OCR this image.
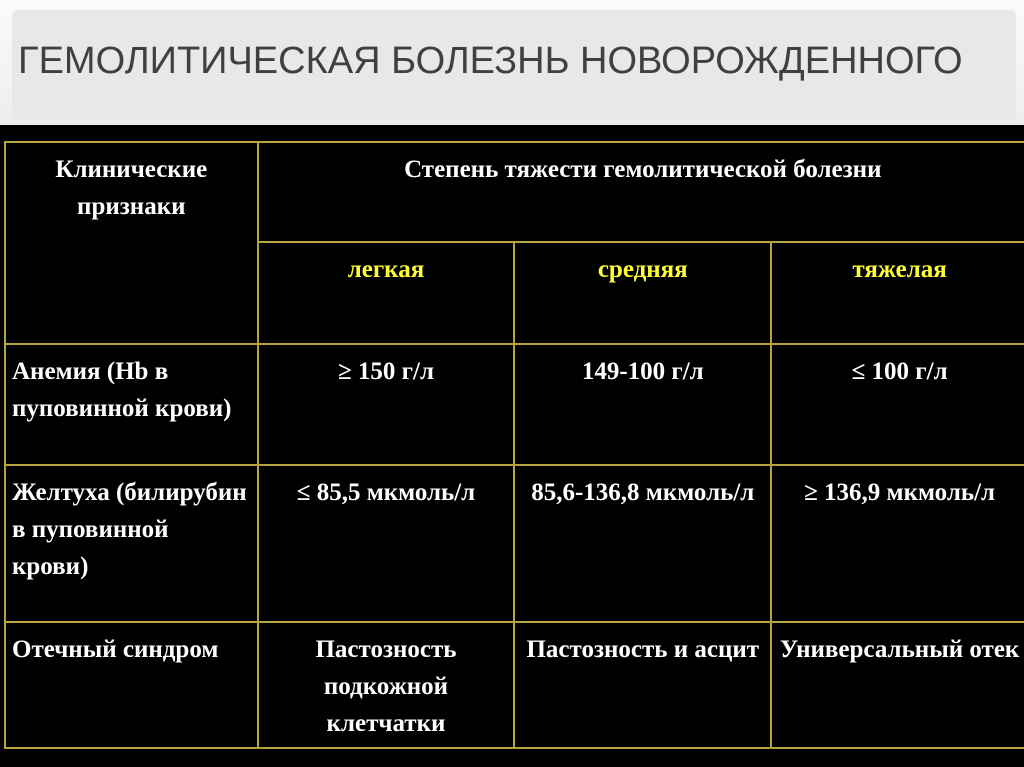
ГЕМОЛИТИЧЕСКАЯ БОЛЕЗНЬ НОВОРОЖДЕННОГО
Клинические признаки	Степень тяжести гемолитической болезни		
	легкая	средняя	тяжелая
Анемия (Hb в пуповинной крови)	≥ 150 г/л	149-100 г/л	≤ 100 г/л
Желтуха (билирубин в пуповинной крови)	≤ 85,5 мкмоль/л	85,6-136,8 мкмоль/л	≥ 136,9 мкмоль/л
Отечный синдром	Пастозность подкожной клетчатки	Пастозность и асцит	Универсальный отек
